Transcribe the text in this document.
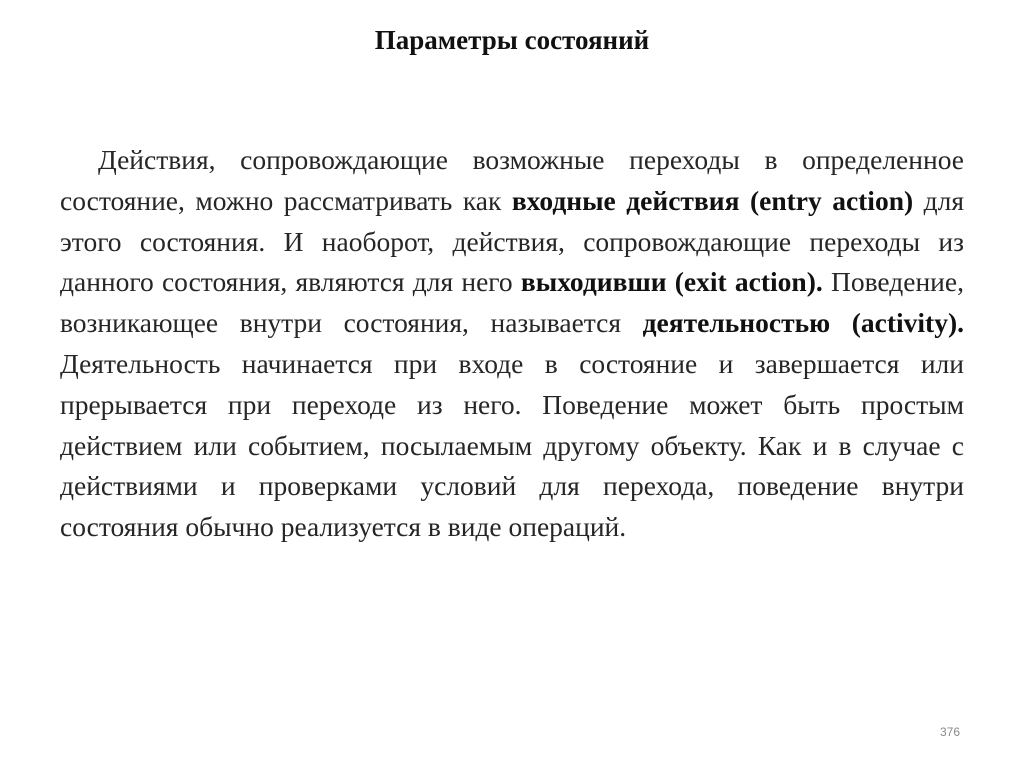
Параметры состояний

Действия, сопровождающие возможные переходы в определенное состояние, можно рассматривать как входные действия (entry action) для этого состояния. И наоборот, действия, сопровождающие переходы из данного состояния, являются для него выходивши (exit action). Поведение, возникающее внутри состояния, называется деятельностью (activity). Деятельность начинается при входе в состояние и завершается или прерывается при переходе из него. Поведение может быть простым действием или событием, посылаемым другому объекту. Как и в случае с действиями и проверками условий для перехода, поведение внутри состояния обычно реализуется в виде операций.

376
